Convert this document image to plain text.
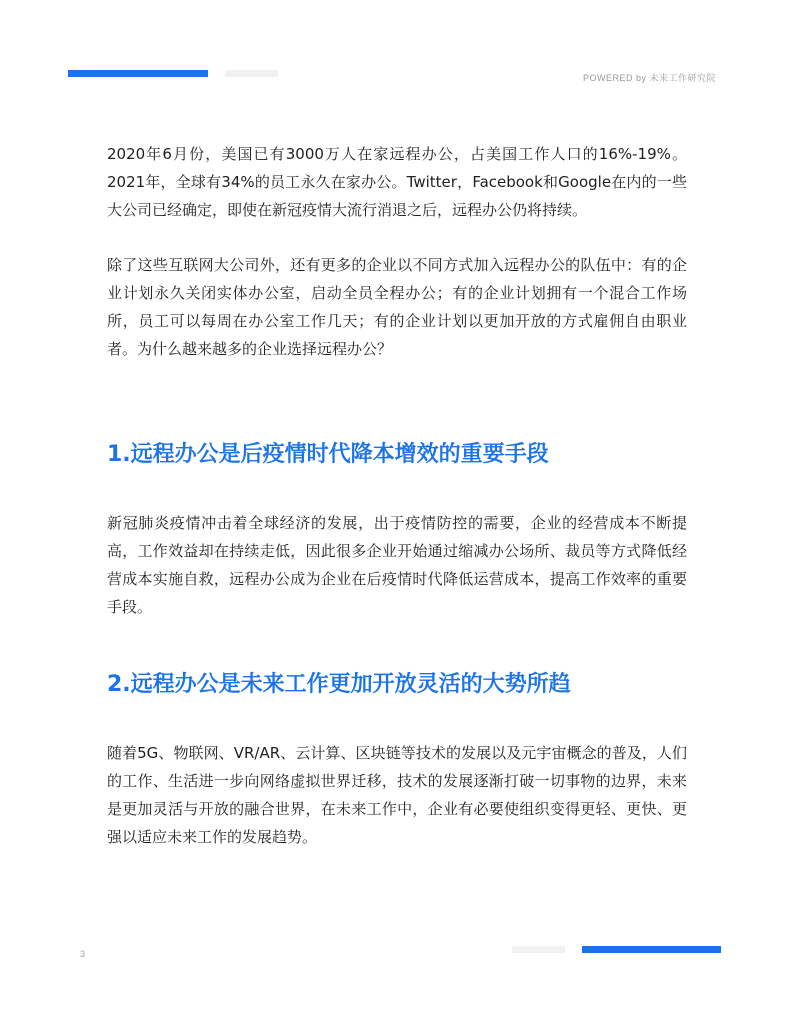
POWERED by 未来工作研究院

2020年6月份，美国已有3000万人在家远程办公，占美国工作人口的16%-19%。2021年，全球有34%的员工永久在家办公。Twitter，Facebook和Google在内的一些大公司已经确定，即使在新冠疫情大流行消退之后，远程办公仍将持续。

除了这些互联网大公司外，还有更多的企业以不同方式加入远程办公的队伍中：有的企业计划永久关闭实体办公室，启动全员全程办公；有的企业计划拥有一个混合工作场所，员工可以每周在办公室工作几天；有的企业计划以更加开放的方式雇佣自由职业者。为什么越来越多的企业选择远程办公？

1.远程办公是后疫情时代降本增效的重要手段

新冠肺炎疫情冲击着全球经济的发展，出于疫情防控的需要，企业的经营成本不断提高，工作效益却在持续走低，因此很多企业开始通过缩减办公场所、裁员等方式降低经营成本实施自救，远程办公成为企业在后疫情时代降低运营成本，提高工作效率的重要手段。

2.远程办公是未来工作更加开放灵活的大势所趋

随着5G、物联网、VR/AR、云计算、区块链等技术的发展以及元宇宙概念的普及，人们的工作、生活进一步向网络虚拟世界迁移，技术的发展逐渐打破一切事物的边界，未来是更加灵活与开放的融合世界，在未来工作中，企业有必要使组织变得更轻、更快、更强以适应未来工作的发展趋势。

3
